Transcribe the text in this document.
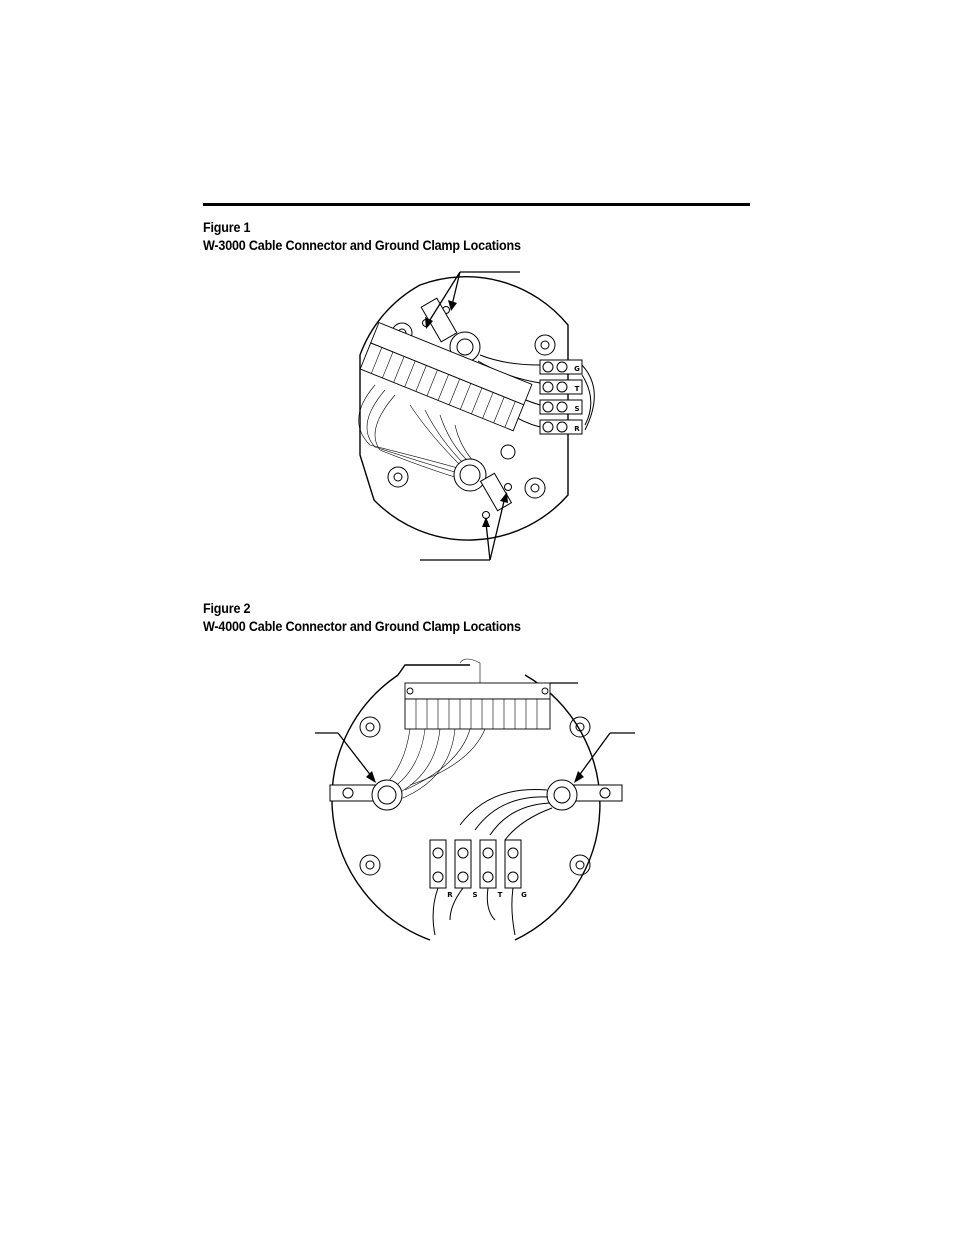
Figure 1
W-3000 Cable Connector and Ground Clamp Locations
G
T
S
R
Figure 2
W-4000 Cable Connector and Ground Clamp Locations
R	S	T	G
